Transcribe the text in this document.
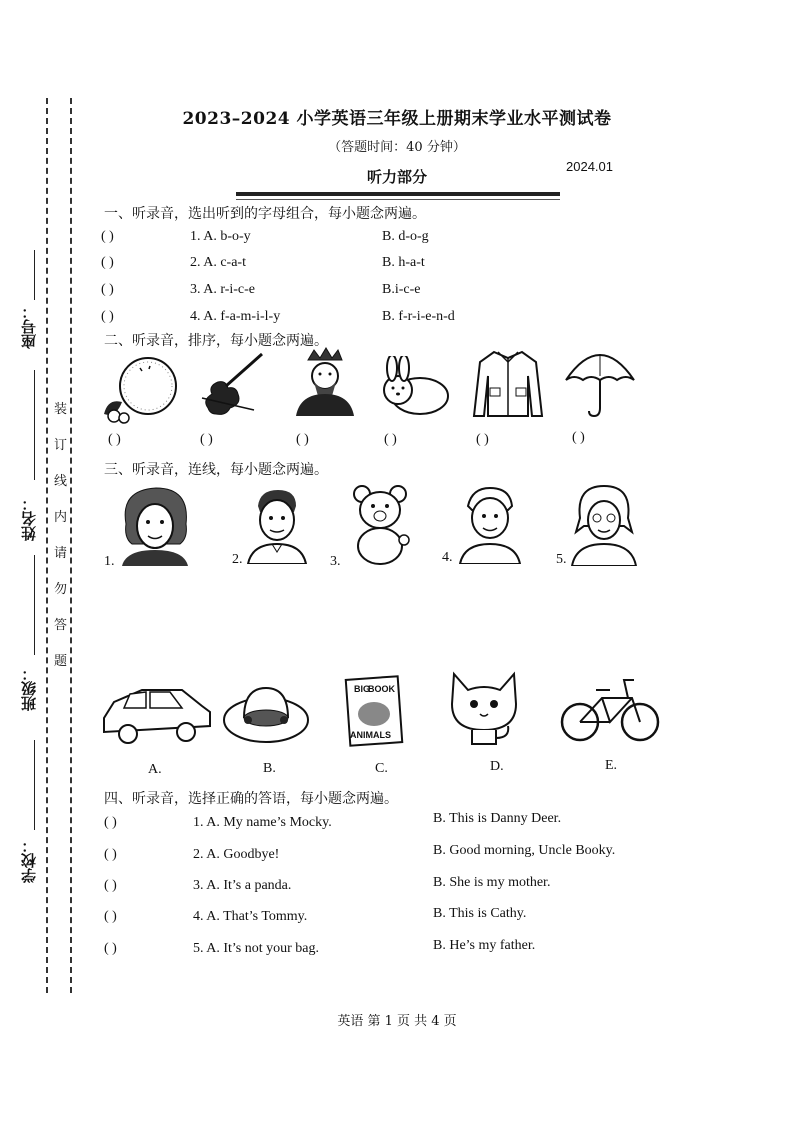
座号：
姓名：
班级：
学校：
装
订
线
内
请
勿
答
题
2023–2024 小学英语三年级上册期末学业水平测试卷
（答题时间：40 分钟）
2024.01
听力部分
一、听录音，选出听到的字母组合，每小题念两遍。
( )	1. A. b-o-y	B. d-o-g
( )	2. A. c-a-t	B. h-a-t
( )	3. A. r-i-c-e	B.i-c-e
( )	4. A. f-a-m-i-l-y	B. f-r-i-e-n-d
二、听录音，排序，每小题念两遍。
( )	( )	( )	( )	( )	( )
三、听录音，连线，每小题念两遍。
1.	2.	3.	4.	5.
BIG
BOOK
ANIMALS
A.	B.	C.	D.	E.
四、听录音，选择正确的答语，每小题念两遍。
( )	1. A. My name’s Mocky.	B. This is Danny Deer.
( )	2. A. Goodbye!	B. Good morning, Uncle Booky.
( )	3. A. It’s a panda.	B. She is my mother.
( )	4. A. That’s Tommy.	B. This is Cathy.
( )	5. A. It’s not your bag.	B. He’s my father.
英语 第 1 页 共 4 页
